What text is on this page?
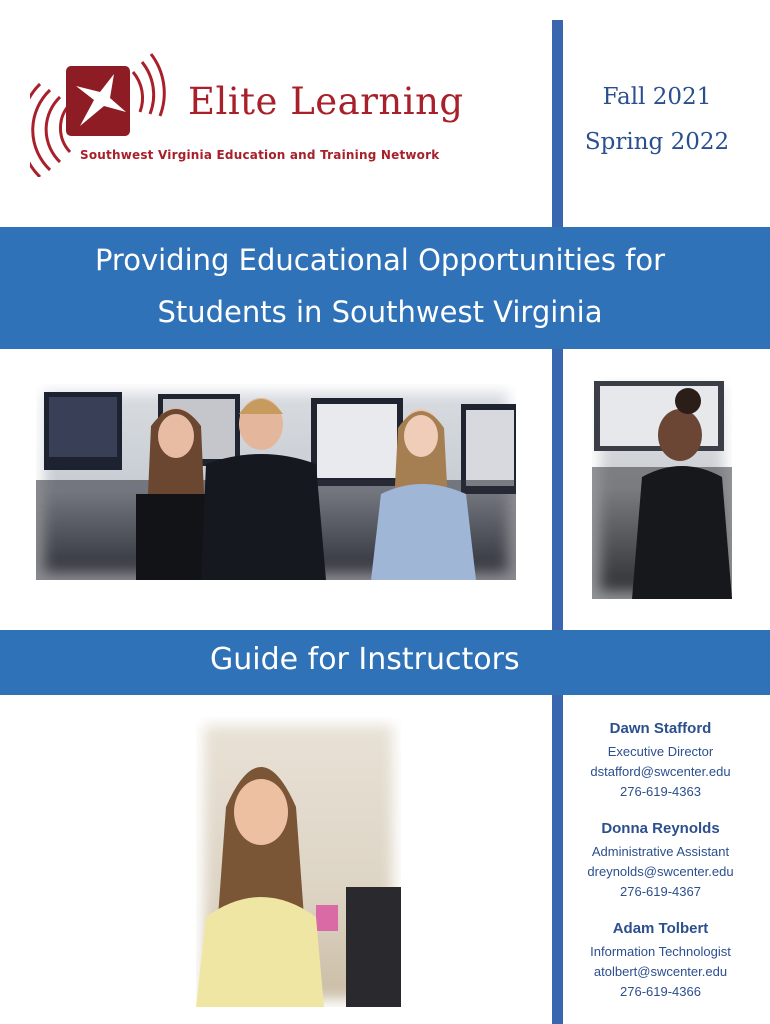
Elite Learning
Southwest Virginia Education and Training Network
Fall 2021
Spring 2022
Providing Educational Opportunities for
Students in Southwest Virginia
Guide for Instructors
Dawn Stafford
Executive Director
dstafford@swcenter.edu
276-619-4363
Donna Reynolds
Administrative Assistant
dreynolds@swcenter.edu
276-619-4367
Adam Tolbert
Information Technologist
atolbert@swcenter.edu
276-619-4366
